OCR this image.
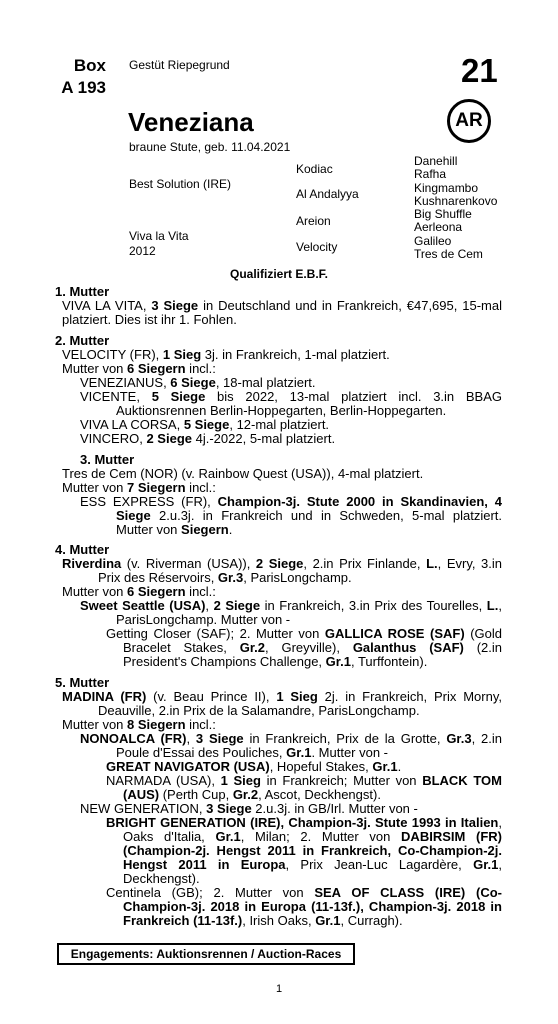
Box
A 193
Gestüt Riepegrund	21
Veneziana	AR
braune Stute, geb. 11.04.2021
Best Solution (IRE)
Viva la Vita
2012
Kodiac
Al Andalyya
Areion
Velocity
Danehill
Rafha
Kingmambo
Kushnarenkovo
Big Shuffle
Aerleona
Galileo
Tres de Cem
Qualifiziert E.B.F.

1. Mutter

VIVA LA VITA, 3 Siege in Deutschland und in Frankreich, €47,695, 15-mal platziert. Dies ist ihr 1. Fohlen.

2. Mutter

VELOCITY (FR), 1 Sieg 3j. in Frankreich, 1-mal platziert.

Mutter von 6 Siegern incl.:

VENEZIANUS, 6 Siege, 18-mal platziert.

VICENTE, 5 Siege bis 2022, 13-mal platziert incl. 3.in BBAG Auktionsrennen Berlin-Hoppegarten, Berlin-Hoppegarten.

VIVA LA CORSA, 5 Siege, 12-mal platziert.

VINCERO, 2 Siege 4j.-2022, 5-mal platziert.

3. Mutter

Tres de Cem (NOR) (v. Rainbow Quest (USA)), 4-mal platziert.

Mutter von 7 Siegern incl.:

ESS EXPRESS (FR), Champion-3j. Stute 2000 in Skandinavien, 4 Siege 2.u.3j. in Frankreich und in Schweden, 5-mal platziert. Mutter von Siegern.

4. Mutter

Riverdina (v. Riverman (USA)), 2 Siege, 2.in Prix Finlande, L., Evry, 3.in Prix des Réservoirs, Gr.3, ParisLongchamp.

Mutter von 6 Siegern incl.:

Sweet Seattle (USA), 2 Siege in Frankreich, 3.in Prix des Tourelles, L., ParisLongchamp. Mutter von -

Getting Closer (SAF); 2. Mutter von GALLICA ROSE (SAF) (Gold Bracelet Stakes, Gr.2, Greyville), Galanthus (SAF) (2.in President's Champions Challenge, Gr.1, Turffontein).

5. Mutter

MADINA (FR) (v. Beau Prince II), 1 Sieg 2j. in Frankreich, Prix Morny, Deauville, 2.in Prix de la Salamandre, ParisLongchamp.

Mutter von 8 Siegern incl.:

NONOALCA (FR), 3 Siege in Frankreich, Prix de la Grotte, Gr.3, 2.in Poule d'Essai des Pouliches, Gr.1. Mutter von -

GREAT NAVIGATOR (USA), Hopeful Stakes, Gr.1.

NARMADA (USA), 1 Sieg in Frankreich; Mutter von BLACK TOM (AUS) (Perth Cup, Gr.2, Ascot, Deckhengst).

NEW GENERATION, 3 Siege 2.u.3j. in GB/Irl. Mutter von -

BRIGHT GENERATION (IRE), Champion-3j. Stute 1993 in Italien, Oaks d'Italia, Gr.1, Milan; 2. Mutter von DABIRSIM (FR) (Champion-2j. Hengst 2011 in Frankreich, Co-Champion-2j. Hengst 2011 in Europa, Prix Jean-Luc Lagardère, Gr.1, Deckhengst).

Centinela (GB); 2. Mutter von SEA OF CLASS (IRE) (Co-Champion-3j. 2018 in Europa (11-13f.), Champion-3j. 2018 in Frankreich (11-13f.), Irish Oaks, Gr.1, Curragh).

Engagements: Auktionsrennen / Auction-Races
1
